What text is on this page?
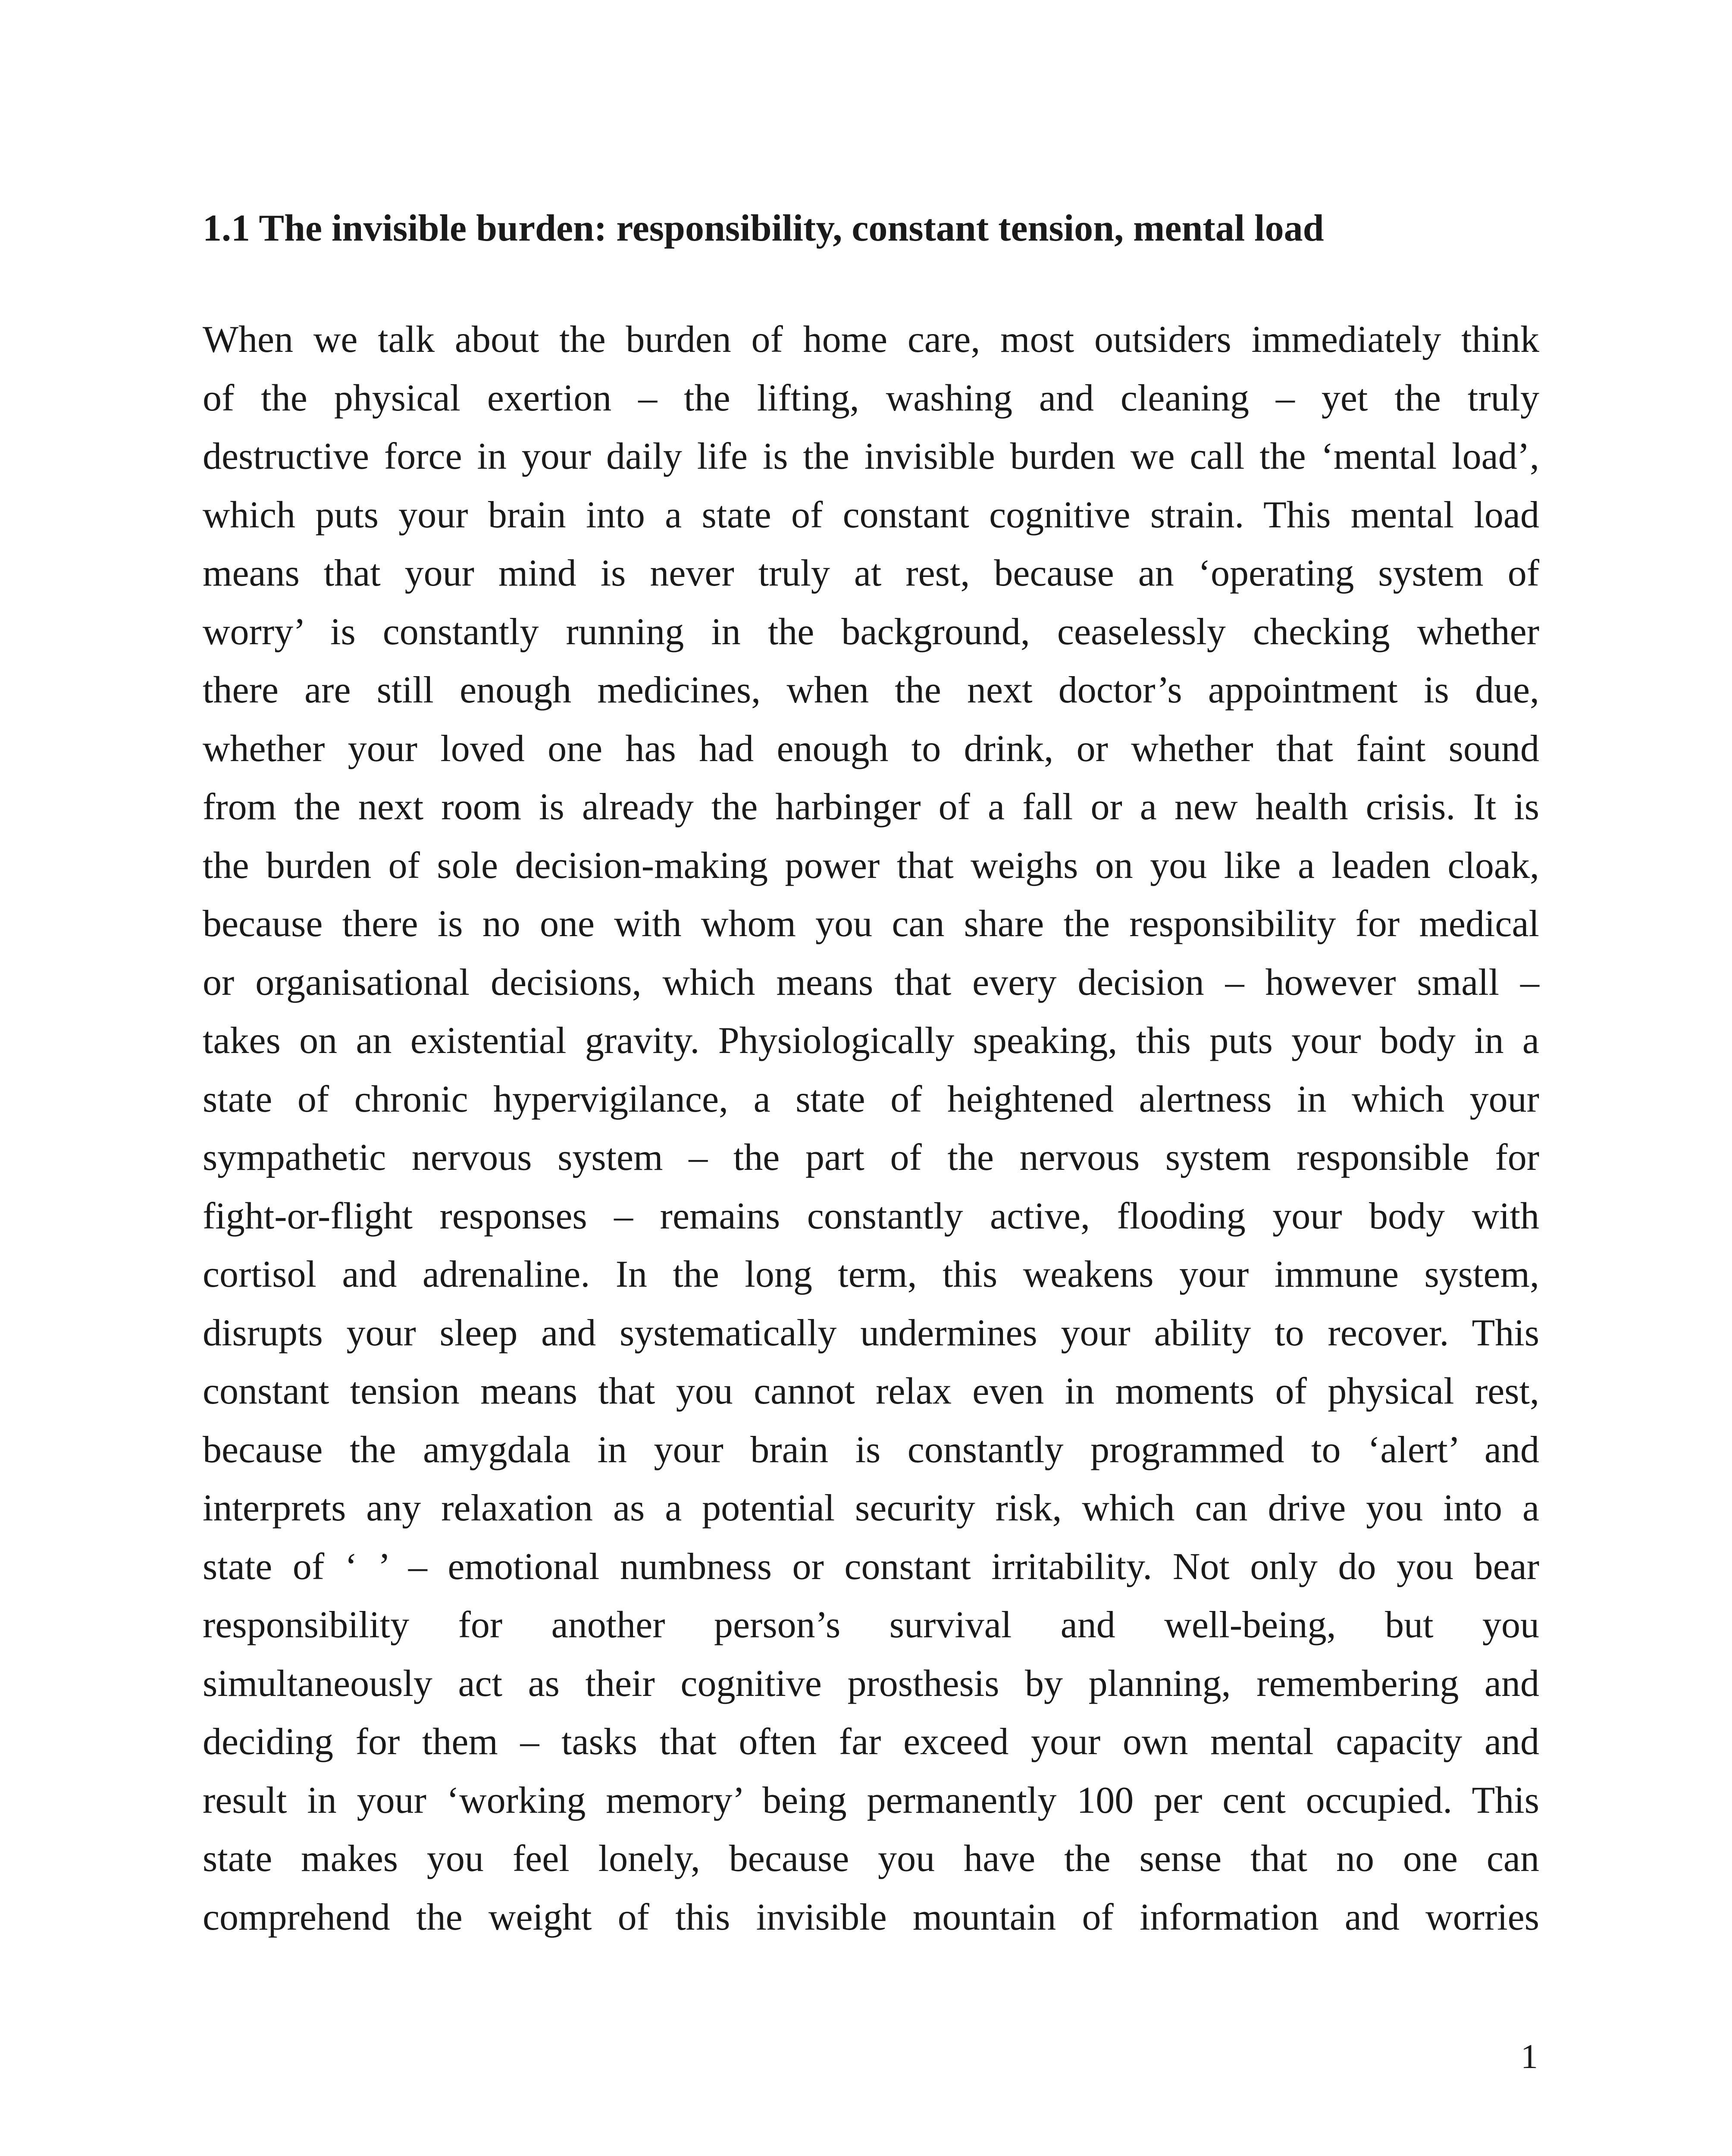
1.1 The invisible burden: responsibility, constant tension, mental load
When we talk about the burden of home care, most outsiders immediately think
of the physical exertion – the lifting, washing and cleaning – yet the truly
destructive force in your daily life is the invisible burden we call the ‘mental load’,
which puts your brain into a state of constant cognitive strain. This mental load
means that your mind is never truly at rest, because an ‘operating system of
worry’ is constantly running in the background, ceaselessly checking whether
there are still enough medicines, when the next doctor’s appointment is due,
whether your loved one has had enough to drink, or whether that faint sound
from the next room is already the harbinger of a fall or a new health crisis. It is
the burden of sole decision-making power that weighs on you like a leaden cloak,
because there is no one with whom you can share the responsibility for medical
or organisational decisions, which means that every decision – however small –
takes on an existential gravity. Physiologically speaking, this puts your body in a
state of chronic hypervigilance, a state of heightened alertness in which your
sympathetic nervous system – the part of the nervous system responsible for
fight-or-flight responses – remains constantly active, flooding your body with
cortisol and adrenaline. In the long term, this weakens your immune system,
disrupts your sleep and systematically undermines your ability to recover. This
constant tension means that you cannot relax even in moments of physical rest,
because the amygdala in your brain is constantly programmed to ‘alert’ and
interprets any relaxation as a potential security risk, which can drive you into a
state of ‘ ’ – emotional numbness or constant irritability. Not only do you bear
responsibility for another person’s survival and well-being, but you
simultaneously act as their cognitive prosthesis by planning, remembering and
deciding for them – tasks that often far exceed your own mental capacity and
result in your ‘working memory’ being permanently 100 per cent occupied. This
state makes you feel lonely, because you have the sense that no one can
comprehend the weight of this invisible mountain of information and worries
1
